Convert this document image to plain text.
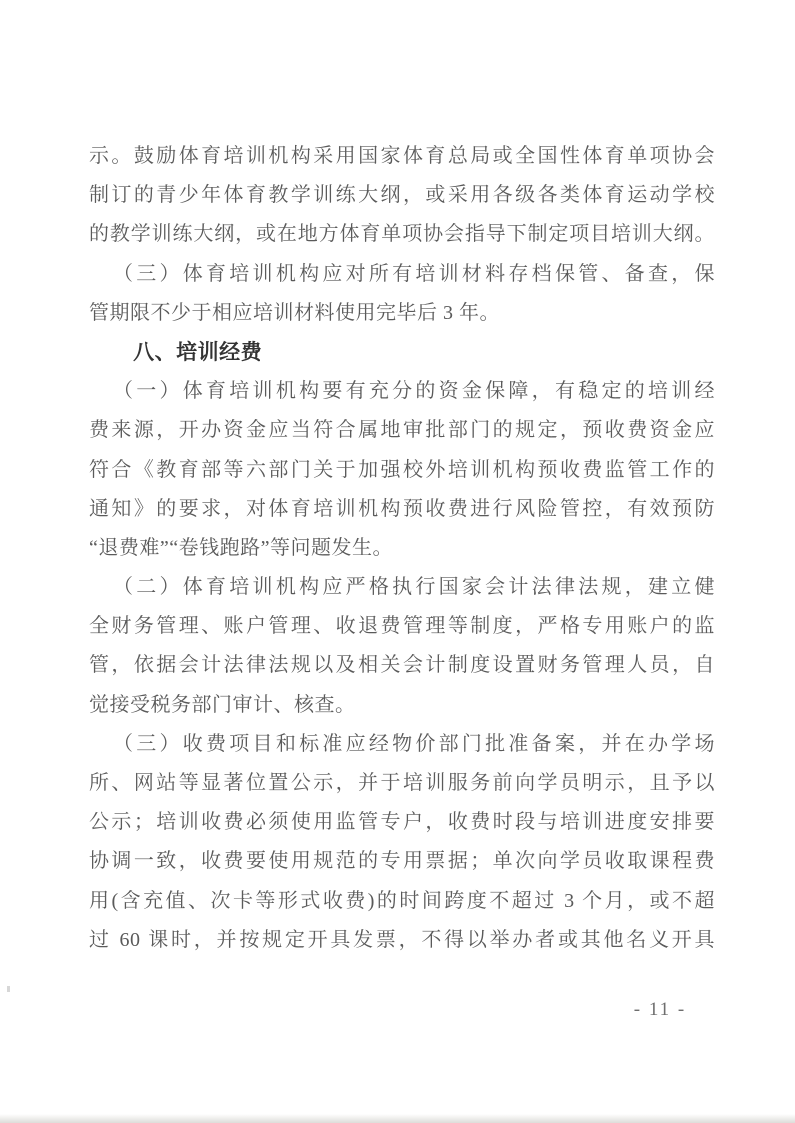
示。鼓励体育培训机构采用国家体育总局或全国性体育单项协会
制订的青少年体育教学训练大纲，或采用各级各类体育运动学校
的教学训练大纲，或在地方体育单项协会指导下制定项目培训大纲。
（三）体育培训机构应对所有培训材料存档保管、备查，保
管期限不少于相应培训材料使用完毕后 3 年。
八、培训经费
（一）体育培训机构要有充分的资金保障，有稳定的培训经
费来源，开办资金应当符合属地审批部门的规定，预收费资金应
符合《教育部等六部门关于加强校外培训机构预收费监管工作的
通知》的要求，对体育培训机构预收费进行风险管控，有效预防
“退费难”“卷钱跑路”等问题发生。
（二）体育培训机构应严格执行国家会计法律法规，建立健
全财务管理、账户管理、收退费管理等制度，严格专用账户的监
管，依据会计法律法规以及相关会计制度设置财务管理人员，自
觉接受税务部门审计、核查。
（三）收费项目和标准应经物价部门批准备案，并在办学场
所、网站等显著位置公示，并于培训服务前向学员明示，且予以
公示；培训收费必须使用监管专户，收费时段与培训进度安排要
协调一致，收费要使用规范的专用票据；单次向学员收取课程费
用(含充值、次卡等形式收费)的时间跨度不超过 3 个月，或不超
过 60 课时，并按规定开具发票，不得以举办者或其他名义开具
- 11 -
